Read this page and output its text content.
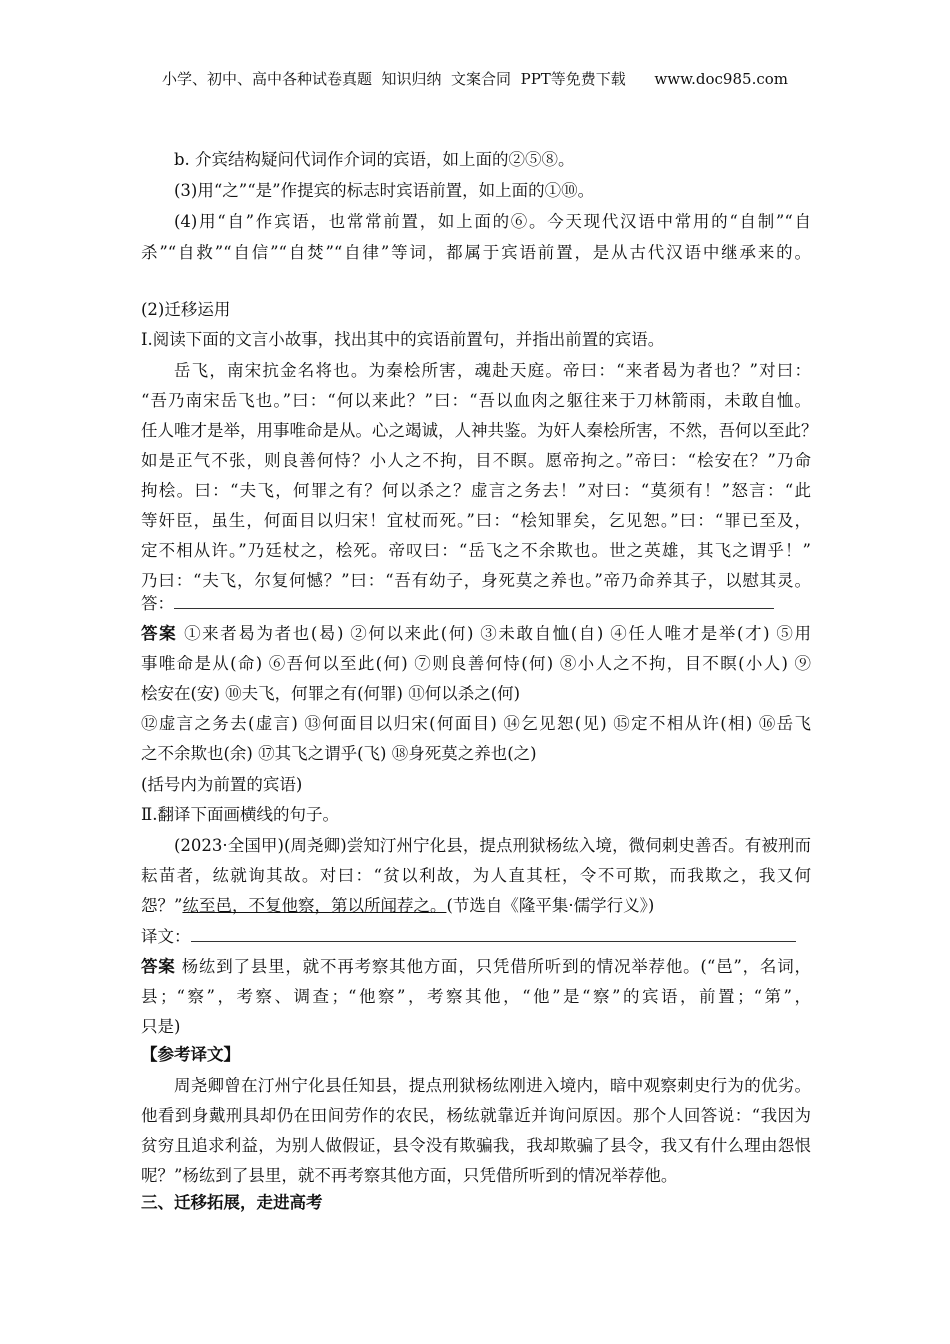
小学、初中、高中各种试卷真题  知识归纳  文案合同  PPT等免费下载      www.doc985.com
b. 介宾结构疑问代词作介词的宾语，如上面的②⑤⑧。
(3)用“之”“是”作提宾的标志时宾语前置，如上面的①⑩。
(4)用“自”作宾语，也常常前置，如上面的⑥。今天现代汉语中常用的“自制”“自
杀”“自救”“自信”“自焚”“自律”等词，都属于宾语前置，是从古代汉语中继承来的。
(2)迁移运用
Ⅰ.阅读下面的文言小故事，找出其中的宾语前置句，并指出前置的宾语。
岳飞，南宋抗金名将也。为秦桧所害，魂赴天庭。帝曰：“来者曷为者也？”对曰：
“吾乃南宋岳飞也。”曰：“何以来此？”曰：“吾以血肉之躯往来于刀林箭雨，未敢自恤。
任人唯才是举，用事唯命是从。心之竭诚，人神共鉴。为奸人秦桧所害，不然，吾何以至此？
如是正气不张，则良善何恃？小人之不拘，目不瞑。愿帝拘之。”帝曰：“桧安在？”乃命
拘桧。曰：“夫飞，何罪之有？何以杀之？虚言之务去！”对曰：“莫须有！”怒言：“此
等奸臣，虽生，何面目以归宋！宜杖而死。”曰：“桧知罪矣，乞见恕。”曰：“罪已至及，
定不相从许。”乃廷杖之，桧死。帝叹曰：“岳飞之不余欺也。世之英雄，其飞之谓乎！”
乃曰：“夫飞，尔复何憾？”曰：“吾有幼子，身死莫之养也。”帝乃命养其子，以慰其灵。
答：
答案 ①来者曷为者也(曷) ②何以来此(何) ③未敢自恤(自) ④任人唯才是举(才) ⑤用
事唯命是从(命) ⑥吾何以至此(何) ⑦则良善何恃(何) ⑧小人之不拘，目不瞑(小人) ⑨
桧安在(安) ⑩夫飞，何罪之有(何罪) ⑪何以杀之(何)
⑫虚言之务去(虚言) ⑬何面目以归宋(何面目) ⑭乞见恕(见) ⑮定不相从许(相) ⑯岳飞
之不余欺也(余) ⑰其飞之谓乎(飞) ⑱身死莫之养也(之)
(括号内为前置的宾语)
Ⅱ.翻译下面画横线的句子。
(2023·全国甲)(周尧卿)尝知汀州宁化县，提点刑狱杨纮入境，微伺刺史善否。有被刑而
耘苗者，纮就询其故。对曰：“贫以利故，为人直其枉，令不可欺，而我欺之，我又何
怨？”纮至邑，不复他察，第以所闻荐之。(节选自《隆平集·儒学行义》)
译文：
答案 杨纮到了县里，就不再考察其他方面，只凭借所听到的情况举荐他。(“邑”，名词，
县；“察”，考察、调查；“他察”，考察其他，“他”是“察”的宾语，前置；“第”，
只是)
【参考译文】
周尧卿曾在汀州宁化县任知县，提点刑狱杨纮刚进入境内，暗中观察刺史行为的优劣。
他看到身戴刑具却仍在田间劳作的农民，杨纮就靠近并询问原因。那个人回答说：“我因为
贫穷且追求利益，为别人做假证，县令没有欺骗我，我却欺骗了县令，我又有什么理由怨恨
呢？”杨纮到了县里，就不再考察其他方面，只凭借所听到的情况举荐他。
三、迁移拓展，走进高考
